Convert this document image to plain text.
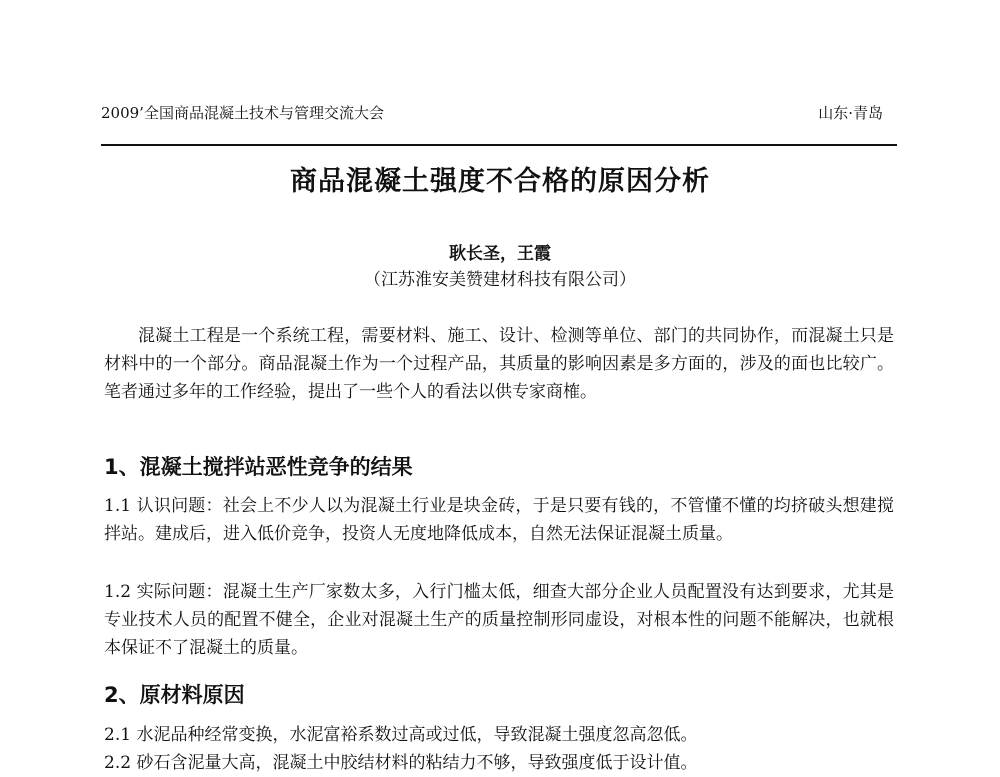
2009’全国商品混凝土技术与管理交流大会	山东·青岛
商品混凝土强度不合格的原因分析
耿长圣，王霞
（江苏淮安美赞建材科技有限公司）
混凝土工程是一个系统工程，需要材料、施工、设计、检测等单位、部门的共同协作，而混凝土只是材料中的一个部分。商品混凝土作为一个过程产品，其质量的影响因素是多方面的，涉及的面也比较广。笔者通过多年的工作经验，提出了一些个人的看法以供专家商榷。
1、混凝土搅拌站恶性竞争的结果
1.1 认识问题：社会上不少人以为混凝土行业是块金砖，于是只要有钱的，不管懂不懂的均挤破头想建搅拌站。建成后，进入低价竞争，投资人无度地降低成本，自然无法保证混凝土质量。
1.2 实际问题：混凝土生产厂家数太多，入行门槛太低，细查大部分企业人员配置没有达到要求，尤其是专业技术人员的配置不健全，企业对混凝土生产的质量控制形同虚设，对根本性的问题不能解决，也就根本保证不了混凝土的质量。
2、原材料原因
2.1 水泥品种经常变换，水泥富裕系数过高或过低，导致混凝土强度忽高忽低。
2.2 砂石含泥量大高，混凝土中胶结材料的粘结力不够，导致强度低于设计值。
